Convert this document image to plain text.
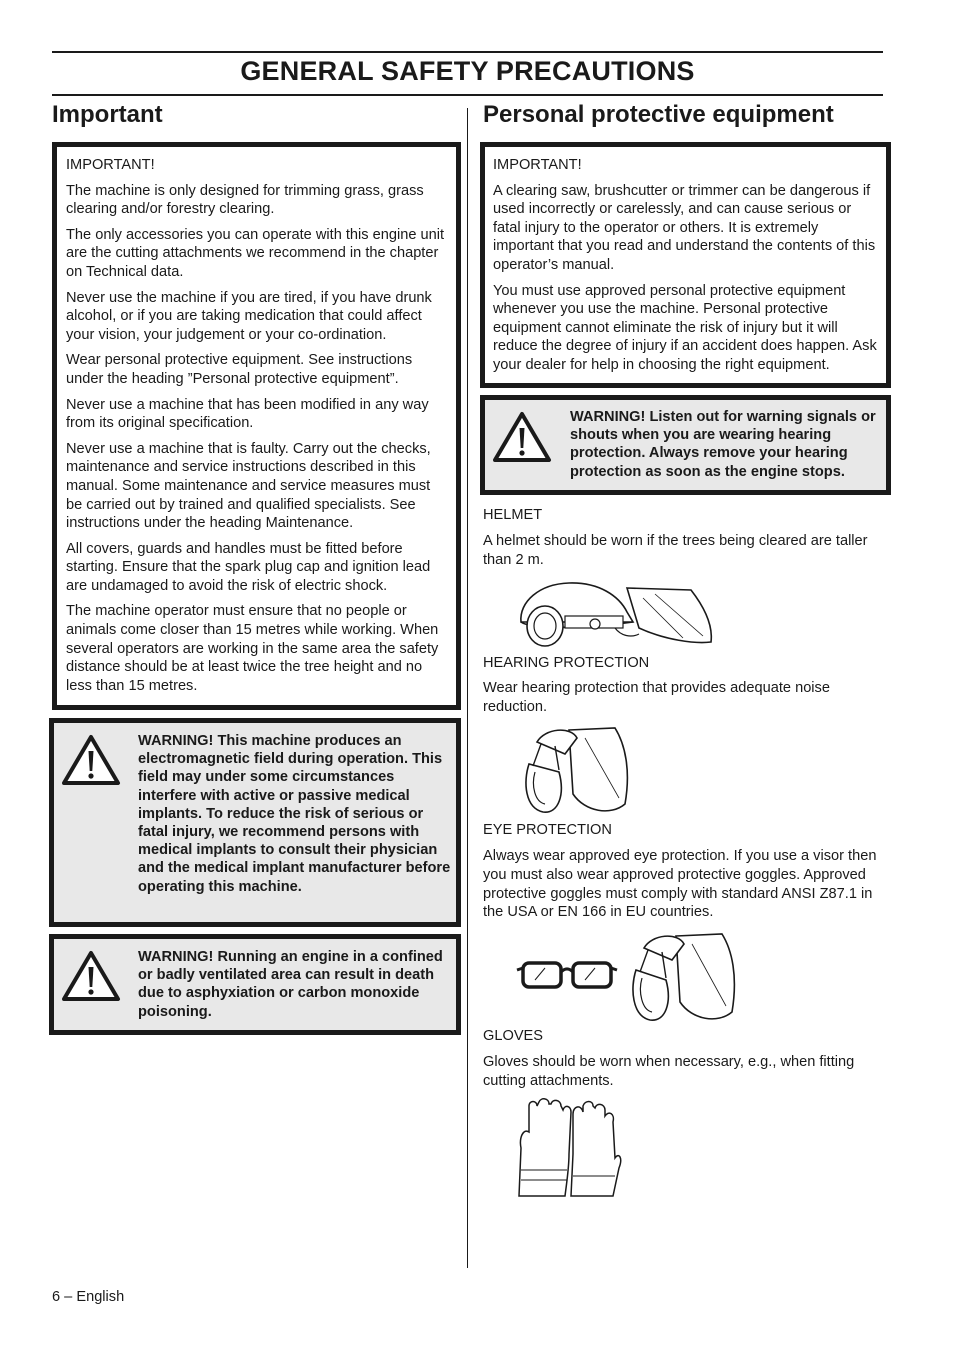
GENERAL SAFETY PRECAUTIONS
Important

IMPORTANT!

The machine is only designed for trimming grass, grass clearing and/or forestry clearing.

The only accessories you can operate with this engine unit are the cutting attachments we recommend in the chapter on Technical data.

Never use the machine if you are tired, if you have drunk alcohol, or if you are taking medication that could affect your vision, your judgement or your co-ordination.

Wear personal protective equipment. See instructions under the heading ”Personal protective equipment”.

Never use a machine that has been modified in any way from its original specification.

Never use a machine that is faulty. Carry out the checks, maintenance and service instructions described in this manual. Some maintenance and service measures must be carried out by trained and qualified specialists. See instructions under the heading Maintenance.

All covers, guards and handles must be fitted before starting. Ensure that the spark plug cap and ignition lead are undamaged to avoid the risk of electric shock.

The machine operator must ensure that no people or animals come closer than 15 metres while working. When several operators are working in the same area the safety distance should be at least twice the tree height and no less than 15 metres.

WARNING! This machine produces an electromagnetic field during operation. This field may under some circumstances interfere with active or passive medical implants. To reduce the risk of serious or fatal injury, we recommend persons with medical implants to consult their physician and the medical implant manufacturer before operating this machine.
WARNING! Running an engine in a confined or badly ventilated area can result in death due to asphyxiation or carbon monoxide poisoning.
Personal protective equipment

IMPORTANT!

A clearing saw, brushcutter or trimmer can be dangerous if used incorrectly or carelessly, and can cause serious or fatal injury to the operator or others. It is extremely important that you read and understand the contents of this operator’s manual.

You must use approved personal protective equipment whenever you use the machine. Personal protective equipment cannot eliminate the risk of injury but it will reduce the degree of injury if an accident does happen. Ask your dealer for help in choosing the right equipment.

WARNING! Listen out for warning signals or shouts when you are wearing hearing protection. Always remove your hearing protection as soon as the engine stops.
HELMET
A helmet should be worn if the trees being cleared are taller than 2 m.
HEARING PROTECTION
Wear hearing protection that provides adequate noise reduction.
EYE PROTECTION
Always wear approved eye protection. If you use a visor then you must also wear approved protective goggles. Approved protective goggles must comply with standard ANSI Z87.1 in the USA or EN 166 in EU countries.
GLOVES
Gloves should be worn when necessary, e.g., when fitting cutting attachments.
6 – English
